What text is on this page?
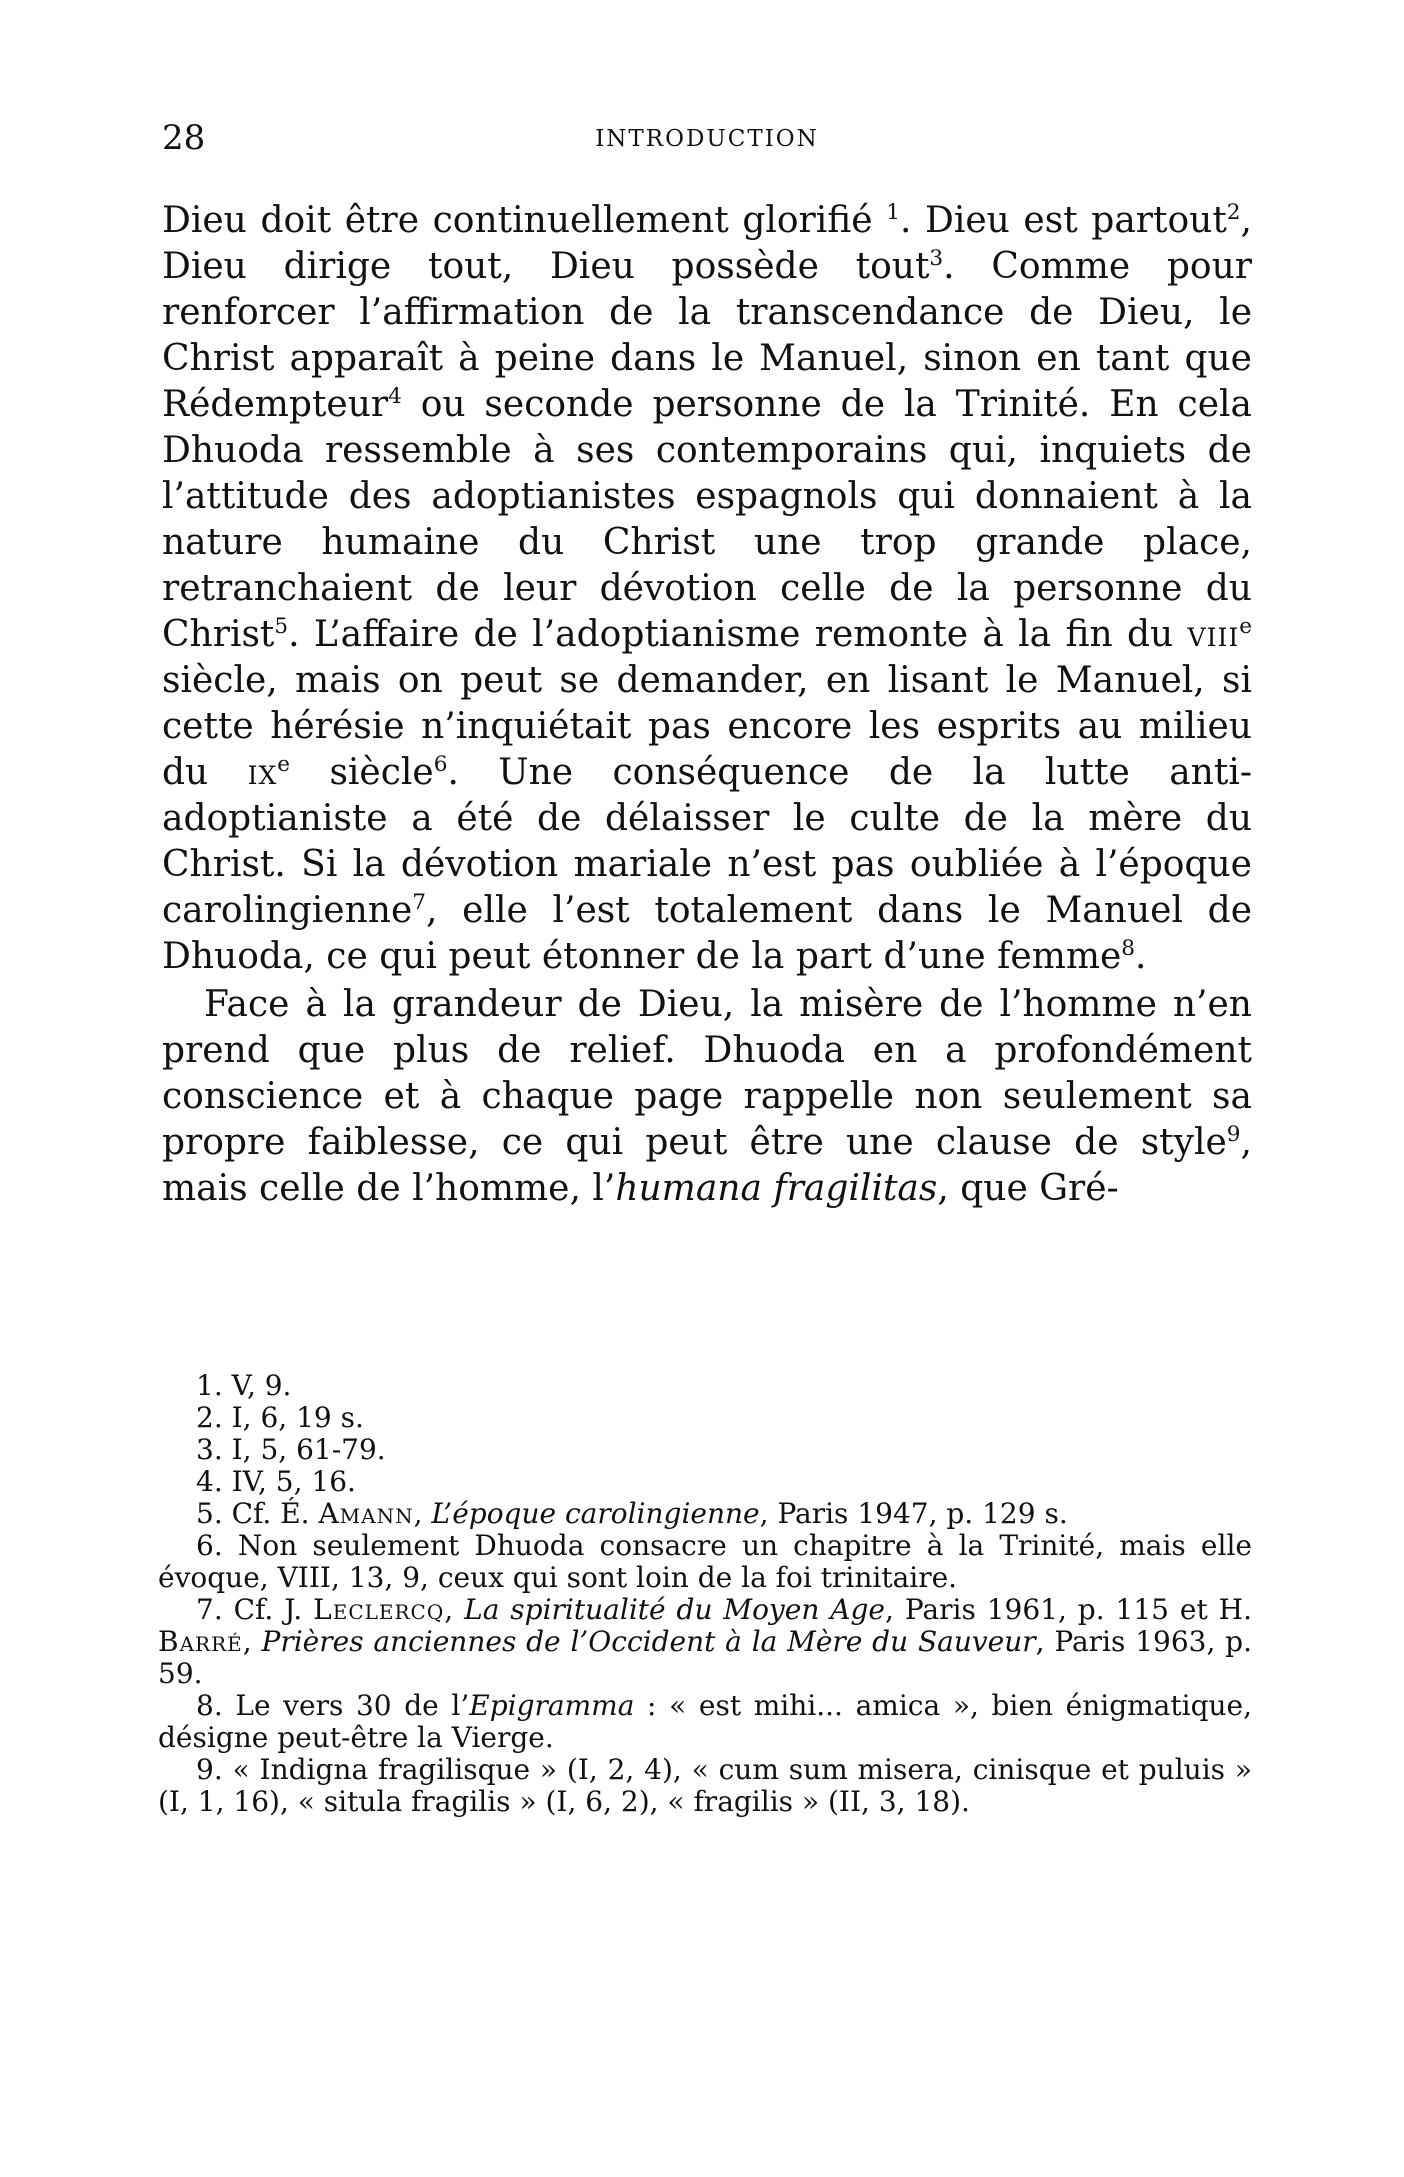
28	INTRODUCTION

Dieu doit être continuellement glorifié $^1$. Dieu est partout$^2$, Dieu dirige tout, Dieu possède tout$^3$. Comme pour renforcer l’affirmation de la transcendance de Dieu, le Christ apparaît à peine dans le Manuel, sinon en tant que Rédempteur$^4$ ou seconde personne de la Trinité. En cela Dhuoda ressemble à ses contemporains qui, inquiets de l’attitude des adoptianistes espagnols qui donnaient à la nature humaine du Christ une trop grande place, retranchaient de leur dévotion celle de la personne du Christ$^5$. L’affaire de l’adoptianisme remonte à la fin du viii$^e$ siècle, mais on peut se demander, en lisant le Manuel, si cette hérésie n’inquiétait pas encore les esprits au milieu du $ix^e$ siècle$^6$. Une conséquence de la lutte anti-adoptianiste a été de délaisser le culte de la mère du Christ. Si la dévotion mariale n’est pas oubliée à l’époque carolingienne$^7$, elle l’est totalement dans le Manuel de Dhuoda, ce qui peut étonner de la part d’une femme$^8$.

Face à la grandeur de Dieu, la misère de l’homme n’en prend que plus de relief. Dhuoda en a profondément conscience et à chaque page rappelle non seulement sa propre faiblesse, ce qui peut être une clause de style$^9$, mais celle de l’homme, l’humana fragilitas, que Gré-

1. V, 9.

2. I, 6, 19 s.

3. I, 5, 61-79.

4. IV, 5, 16.

5. Cf. É. Amann, L’époque carolingienne, Paris 1947, p. 129 s.

6. Non seulement Dhuoda consacre un chapitre à la Trinité, mais elle évoque, VIII, 13, 9, ceux qui sont loin de la foi trinitaire.

7. Cf. J. Leclercq, La spiritualité du Moyen Age, Paris 1961, p. 115 et H. Barré, Prières anciennes de l’Occident à la Mère du Sauveur, Paris 1963, p. 59.

8. Le vers 30 de l’Epigramma : « est mihi... amica », bien énigmatique, désigne peut-être la Vierge.

9. « Indigna fragilisque » (I, 2, 4), « cum sum misera, cinisque et puluis » (I, 1, 16), « situla fragilis » (I, 6, 2), « fragilis » (II, 3, 18).
